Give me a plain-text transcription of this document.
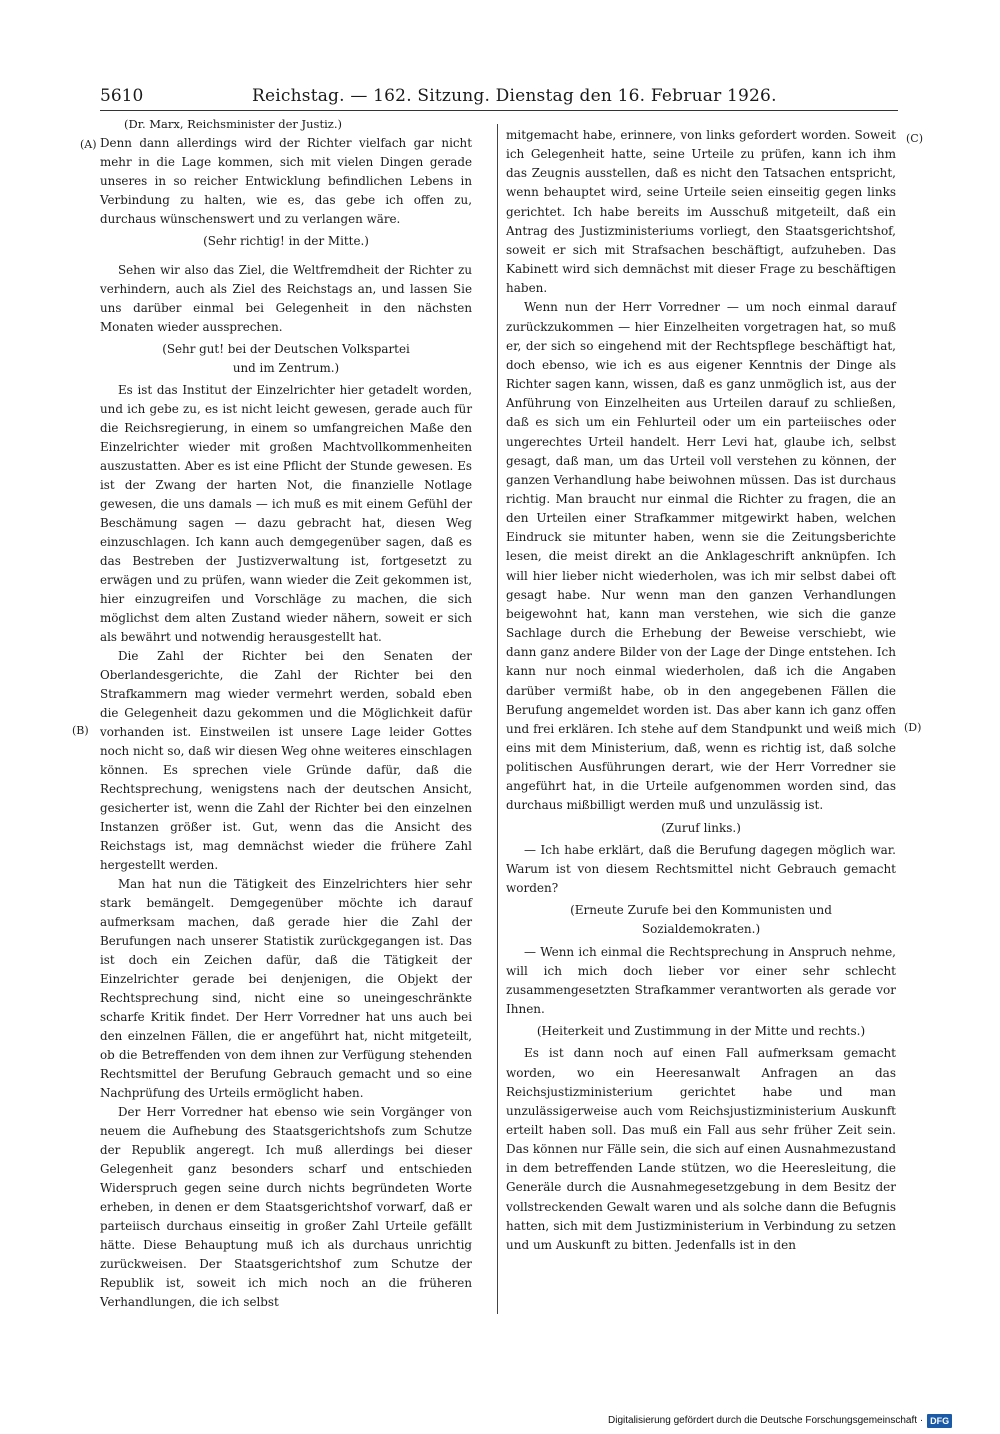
5610	Reichstag. — 162. Sitzung. Dienstag den 16. Februar 1926.
(A)
(B)
(C)
(D)

(Dr. Marx, Reichsminister der Justiz.)

Denn dann allerdings wird der Richter vielfach gar nicht mehr in die Lage kommen, sich mit vielen Dingen gerade unseres in so reicher Entwicklung befindlichen Lebens in Verbindung zu halten, wie es, das gebe ich offen zu, durchaus wünschenswert und zu verlangen wäre.

(Sehr richtig! in der Mitte.)

Sehen wir also das Ziel, die Weltfremdheit der Richter zu verhindern, auch als Ziel des Reichstags an, und lassen Sie uns darüber einmal bei Gelegenheit in den nächsten Monaten wieder aussprechen.

(Sehr gut! bei der Deutschen Volkspartei und im Zentrum.)

Es ist das Institut der Einzelrichter hier getadelt worden, und ich gebe zu, es ist nicht leicht gewesen, gerade auch für die Reichsregierung, in einem so umfangreichen Maße den Einzelrichter wieder mit großen Machtvollkommenheiten auszustatten. Aber es ist eine Pflicht der Stunde gewesen. Es ist der Zwang der harten Not, die finanzielle Notlage gewesen, die uns damals — ich muß es mit einem Gefühl der Beschämung sagen — dazu gebracht hat, diesen Weg einzuschlagen. Ich kann auch demgegenüber sagen, daß es das Bestreben der Justizverwaltung ist, fortgesetzt zu erwägen und zu prüfen, wann wieder die Zeit gekommen ist, hier einzugreifen und Vorschläge zu machen, die sich möglichst dem alten Zustand wieder nähern, soweit er sich als bewährt und notwendig herausgestellt hat.

Die Zahl der Richter bei den Senaten der Oberlandesgerichte, die Zahl der Richter bei den Strafkammern mag wieder vermehrt werden, sobald eben die Gelegenheit dazu gekommen und die Möglichkeit dafür vorhanden ist. Einstweilen ist unsere Lage leider Gottes noch nicht so, daß wir diesen Weg ohne weiteres einschlagen können. Es sprechen viele Gründe dafür, daß die Rechtsprechung, wenigstens nach der deutschen Ansicht, gesicherter ist, wenn die Zahl der Richter bei den einzelnen Instanzen größer ist. Gut, wenn das die Ansicht des Reichstags ist, mag demnächst wieder die frühere Zahl hergestellt werden.

Man hat nun die Tätigkeit des Einzelrichters hier sehr stark bemängelt. Demgegenüber möchte ich darauf aufmerksam machen, daß gerade hier die Zahl der Berufungen nach unserer Statistik zurückgegangen ist. Das ist doch ein Zeichen dafür, daß die Tätigkeit der Einzelrichter gerade bei denjenigen, die Objekt der Rechtsprechung sind, nicht eine so uneingeschränkte scharfe Kritik findet. Der Herr Vorredner hat uns auch bei den einzelnen Fällen, die er angeführt hat, nicht mitgeteilt, ob die Betreffenden von dem ihnen zur Verfügung stehenden Rechtsmittel der Berufung Gebrauch gemacht und so eine Nachprüfung des Urteils ermöglicht haben.

Der Herr Vorredner hat ebenso wie sein Vorgänger von neuem die Aufhebung des Staatsgerichtshofs zum Schutze der Republik angeregt. Ich muß allerdings bei dieser Gelegenheit ganz besonders scharf und entschieden Widerspruch gegen seine durch nichts begründeten Worte erheben, in denen er dem Staatsgerichtshof vorwarf, daß er parteiisch durchaus einseitig in großer Zahl Urteile gefällt hätte. Diese Behauptung muß ich als durchaus unrichtig zurückweisen. Der Staatsgerichtshof zum Schutze der Republik ist, soweit ich mich noch an die früheren Verhandlungen, die ich selbst

mitgemacht habe, erinnere, von links gefordert worden. Soweit ich Gelegenheit hatte, seine Urteile zu prüfen, kann ich ihm das Zeugnis ausstellen, daß es nicht den Tatsachen entspricht, wenn behauptet wird, seine Urteile seien einseitig gegen links gerichtet. Ich habe bereits im Ausschuß mitgeteilt, daß ein Antrag des Justizministeriums vorliegt, den Staatsgerichtshof, soweit er sich mit Strafsachen beschäftigt, aufzuheben. Das Kabinett wird sich demnächst mit dieser Frage zu beschäftigen haben.

Wenn nun der Herr Vorredner — um noch einmal darauf zurückzukommen — hier Einzelheiten vorgetragen hat, so muß er, der sich so eingehend mit der Rechtspflege beschäftigt hat, doch ebenso, wie ich es aus eigener Kenntnis der Dinge als Richter sagen kann, wissen, daß es ganz unmöglich ist, aus der Anführung von Einzelheiten aus Urteilen darauf zu schließen, daß es sich um ein Fehlurteil oder um ein parteiisches oder ungerechtes Urteil handelt. Herr Levi hat, glaube ich, selbst gesagt, daß man, um das Urteil voll verstehen zu können, der ganzen Verhandlung habe beiwohnen müssen. Das ist durchaus richtig. Man braucht nur einmal die Richter zu fragen, die an den Urteilen einer Strafkammer mitgewirkt haben, welchen Eindruck sie mitunter haben, wenn sie die Zeitungsberichte lesen, die meist direkt an die Anklageschrift anknüpfen. Ich will hier lieber nicht wiederholen, was ich mir selbst dabei oft gesagt habe. Nur wenn man den ganzen Verhandlungen beigewohnt hat, kann man verstehen, wie sich die ganze Sachlage durch die Erhebung der Beweise verschiebt, wie dann ganz andere Bilder von der Lage der Dinge entstehen. Ich kann nur noch einmal wiederholen, daß ich die Angaben darüber vermißt habe, ob in den angegebenen Fällen die Berufung angemeldet worden ist. Das aber kann ich ganz offen und frei erklären. Ich stehe auf dem Standpunkt und weiß mich eins mit dem Ministerium, daß, wenn es richtig ist, daß solche politischen Ausführungen derart, wie der Herr Vorredner sie angeführt hat, in die Urteile aufgenommen worden sind, das durchaus mißbilligt werden muß und unzulässig ist.

(Zuruf links.)

— Ich habe erklärt, daß die Berufung dagegen möglich war. Warum ist von diesem Rechtsmittel nicht Gebrauch gemacht worden?

(Erneute Zurufe bei den Kommunisten und Sozialdemokraten.)

— Wenn ich einmal die Rechtsprechung in Anspruch nehme, will ich mich doch lieber vor einer sehr schlecht zusammengesetzten Strafkammer verantworten als gerade vor Ihnen.

(Heiterkeit und Zustimmung in der Mitte und rechts.)

Es ist dann noch auf einen Fall aufmerksam gemacht worden, wo ein Heeresanwalt Anfragen an das Reichsjustizministerium gerichtet habe und man unzulässigerweise auch vom Reichsjustizministerium Auskunft erteilt haben soll. Das muß ein Fall aus sehr früher Zeit sein. Das können nur Fälle sein, die sich auf einen Ausnahmezustand in dem betreffenden Lande stützen, wo die Heeresleitung, die Generäle durch die Ausnahmegesetzgebung in dem Besitz der vollstreckenden Gewalt waren und als solche dann die Befugnis hatten, sich mit dem Justizministerium in Verbindung zu setzen und um Auskunft zu bitten. Jedenfalls ist in den

Digitalisierung gefördert durch die Deutsche Forschungsgemeinschaft · DFG
